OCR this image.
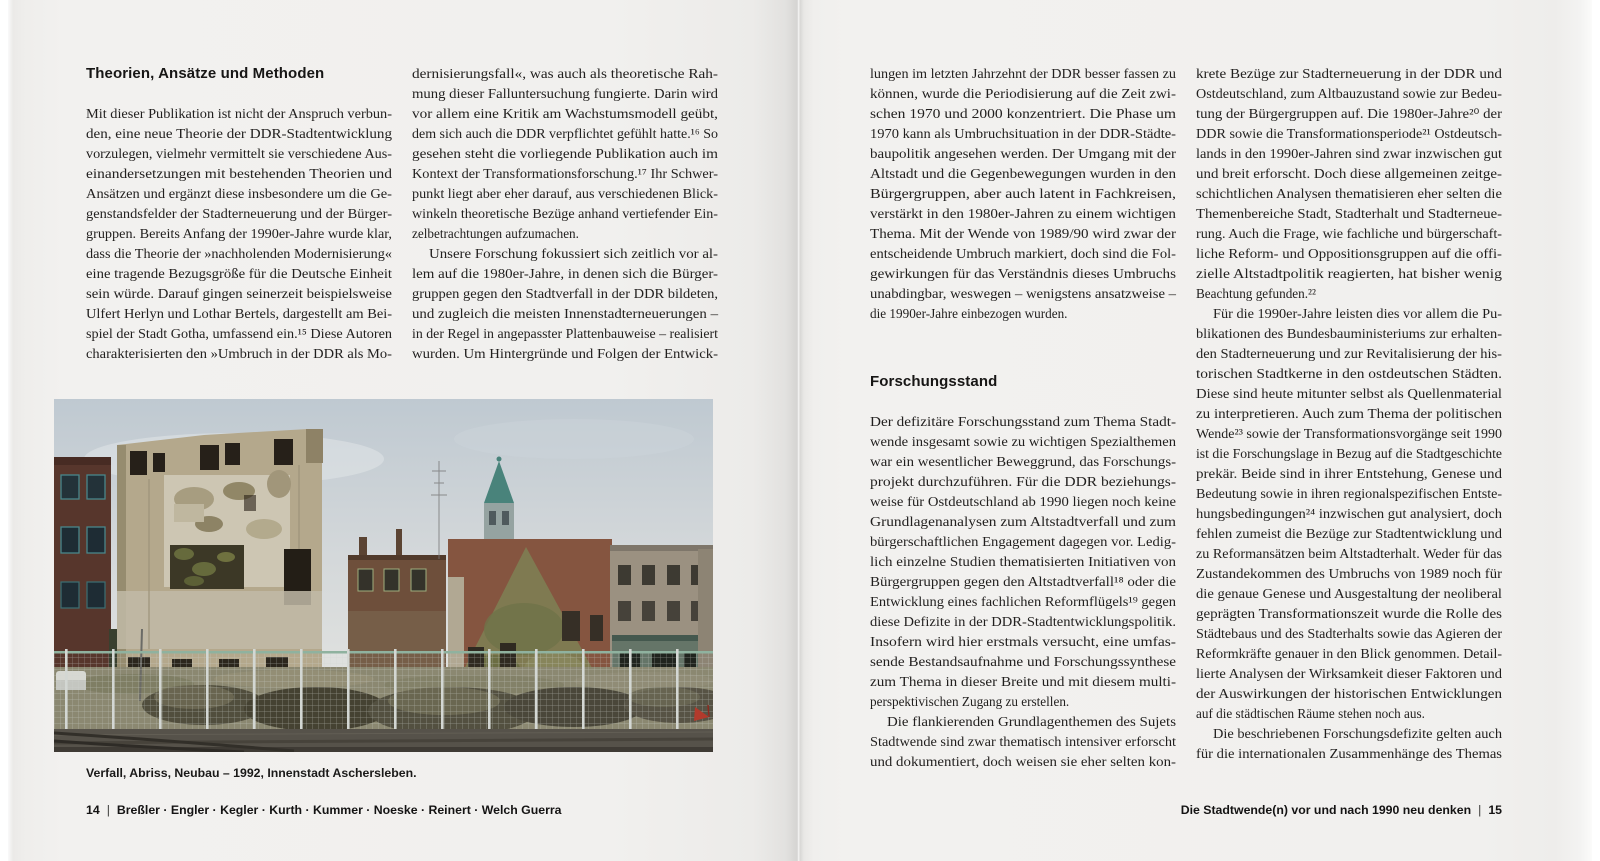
Theorien, Ansätze und Methoden
Mit dieser Publikation ist nicht der Anspruch verbun-
den, eine neue Theorie der DDR-Stadtentwicklung
vorzulegen, vielmehr vermittelt sie verschiedene Aus-
einandersetzungen mit bestehenden Theorien und
Ansätzen und ergänzt diese insbesondere um die Ge-
genstandsfelder der Stadterneuerung und der Bürger-
gruppen. Bereits Anfang der 1990er-Jahre wurde klar,
dass die Theorie der »nachholenden Modernisierung«
eine tragende Bezugsgröße für die Deutsche Einheit
sein würde. Darauf gingen seinerzeit beispielsweise
Ulfert Herlyn und Lothar Bertels, dargestellt am Bei-
spiel der Stadt Gotha, umfassend ein.¹⁵ Diese Autoren
charakterisierten den »Umbruch in der DDR als Mo-
dernisierungsfall«, was auch als theoretische Rah-
mung dieser Falluntersuchung fungierte. Darin wird
vor allem eine Kritik am Wachstumsmodell geübt,
dem sich auch die DDR verpflichtet gefühlt hatte.¹⁶ So
gesehen steht die vorliegende Publikation auch im
Kontext der Transformationsforschung.¹⁷ Ihr Schwer-
punkt liegt aber eher darauf, aus verschiedenen Blick-
winkeln theoretische Bezüge anhand vertiefender Ein-
zelbetrachtungen aufzumachen.
Unsere Forschung fokussiert sich zeitlich vor al-
lem auf die 1980er-Jahre, in denen sich die Bürger-
gruppen gegen den Stadtverfall in der DDR bildeten,
und zugleich die meisten Innenstadterneuerungen –
in der Regel in angepasster Plattenbauweise – realisiert
wurden. Um Hintergründe und Folgen der Entwick-
Verfall, Abriss, Neubau – 1992, Innenstadt Aschersleben.
14 | Breßler · Engler · Kegler · Kurth · Kummer · Noeske · Reinert · Welch Guerra
lungen im letzten Jahrzehnt der DDR besser fassen zu
können, wurde die Periodisierung auf die Zeit zwi-
schen 1970 und 2000 konzentriert. Die Phase um
1970 kann als Umbruchsituation in der DDR-Städte-
baupolitik angesehen werden. Der Umgang mit der
Altstadt und die Gegenbewegungen wurden in den
Bürgergruppen, aber auch latent in Fachkreisen,
verstärkt in den 1980er-Jahren zu einem wichtigen
Thema. Mit der Wende von 1989/90 wird zwar der
entscheidende Umbruch markiert, doch sind die Fol-
gewirkungen für das Verständnis dieses Umbruchs
unabdingbar, weswegen – wenigstens ansatzweise –
die 1990er-Jahre einbezogen wurden.
Forschungsstand
Der defizitäre Forschungsstand zum Thema Stadt-
wende insgesamt sowie zu wichtigen Spezialthemen
war ein wesentlicher Beweggrund, das Forschungs-
projekt durchzuführen. Für die DDR beziehungs-
weise für Ostdeutschland ab 1990 liegen noch keine
Grundlagenanalysen zum Altstadtverfall und zum
bürgerschaftlichen Engagement dagegen vor. Ledig-
lich einzelne Studien thematisierten Initiativen von
Bürgergruppen gegen den Altstadtverfall¹⁸ oder die
Entwicklung eines fachlichen Reformflügels¹⁹ gegen
diese Defizite in der DDR-Stadtentwicklungspolitik.
Insofern wird hier erstmals versucht, eine umfas-
sende Bestandsaufnahme und Forschungssynthese
zum Thema in dieser Breite und mit diesem multi-
perspektivischen Zugang zu erstellen.
Die flankierenden Grundlagenthemen des Sujets
Stadtwende sind zwar thematisch intensiver erforscht
und dokumentiert, doch weisen sie eher selten kon-
krete Bezüge zur Stadterneuerung in der DDR und
Ostdeutschland, zum Altbauzustand sowie zur Bedeu-
tung der Bürgergruppen auf. Die 1980er-Jahre²⁰ der
DDR sowie die Transformationsperiode²¹ Ostdeutsch-
lands in den 1990er-Jahren sind zwar inzwischen gut
und breit erforscht. Doch diese allgemeinen zeitge-
schichtlichen Analysen thematisieren eher selten die
Themenbereiche Stadt, Stadterhalt und Stadterneue-
rung. Auch die Frage, wie fachliche und bürgerschaft-
liche Reform- und Oppositionsgruppen auf die offi-
zielle Altstadtpolitik reagierten, hat bisher wenig
Beachtung gefunden.²²
Für die 1990er-Jahre leisten dies vor allem die Pu-
blikationen des Bundesbauministeriums zur erhalten-
den Stadterneuerung und zur Revitalisierung der his-
torischen Stadtkerne in den ostdeutschen Städten.
Diese sind heute mitunter selbst als Quellenmaterial
zu interpretieren. Auch zum Thema der politischen
Wende²³ sowie der Transformationsvorgänge seit 1990
ist die Forschungslage in Bezug auf die Stadtgeschichte
prekär. Beide sind in ihrer Entstehung, Genese und
Bedeutung sowie in ihren regionalspezifischen Entste-
hungsbedingungen²⁴ inzwischen gut analysiert, doch
fehlen zumeist die Bezüge zur Stadtentwicklung und
zu Reformansätzen beim Altstadterhalt. Weder für das
Zustandekommen des Umbruchs von 1989 noch für
die genaue Genese und Ausgestaltung der neoliberal
geprägten Transformationszeit wurde die Rolle des
Städtebaus und des Stadterhalts sowie das Agieren der
Reformkräfte genauer in den Blick genommen. Detail-
lierte Analysen der Wirksamkeit dieser Faktoren und
der Auswirkungen der historischen Entwicklungen
auf die städtischen Räume stehen noch aus.
Die beschriebenen Forschungsdefizite gelten auch
für die internationalen Zusammenhänge des Themas
Die Stadtwende(n) vor und nach 1990 neu denken | 15
